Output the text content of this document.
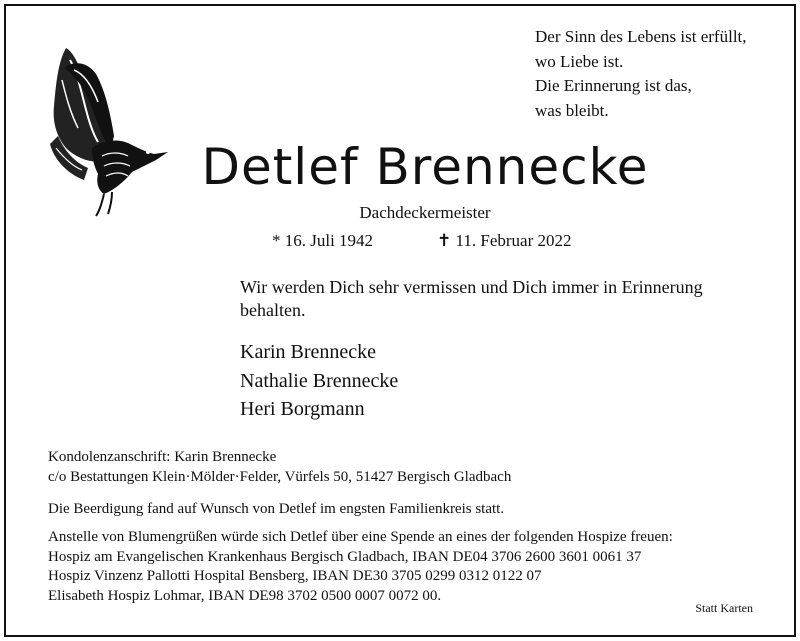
Der Sinn des Lebens ist erfüllt,
wo Liebe ist.
Die Erinnerung ist das,
was bleibt.
Detlef Brennecke
Dachdeckermeister
* 16. Juli 1942	✝ 11. Februar 2022
Wir werden Dich sehr vermissen und Dich immer in Erinnerung behalten.
Karin Brennecke
Nathalie Brennecke
Heri Borgmann
Kondolenzanschrift: Karin Brennecke
c/o Bestattungen Klein·Mölder·Felder, Vürfels 50, 51427 Bergisch Gladbach
Die Beerdigung fand auf Wunsch von Detlef im engsten Familienkreis statt.
Anstelle von Blumengrüßen würde sich Detlef über eine Spende an eines der folgenden Hospize freuen:
Hospiz am Evangelischen Krankenhaus Bergisch Gladbach, IBAN DE04 3706 2600 3601 0061 37
Hospiz Vinzenz Pallotti Hospital Bensberg, IBAN DE30 3705 0299 0312 0122 07
Elisabeth Hospiz Lohmar, IBAN DE98 3702 0500 0007 0072 00.
Statt Karten
